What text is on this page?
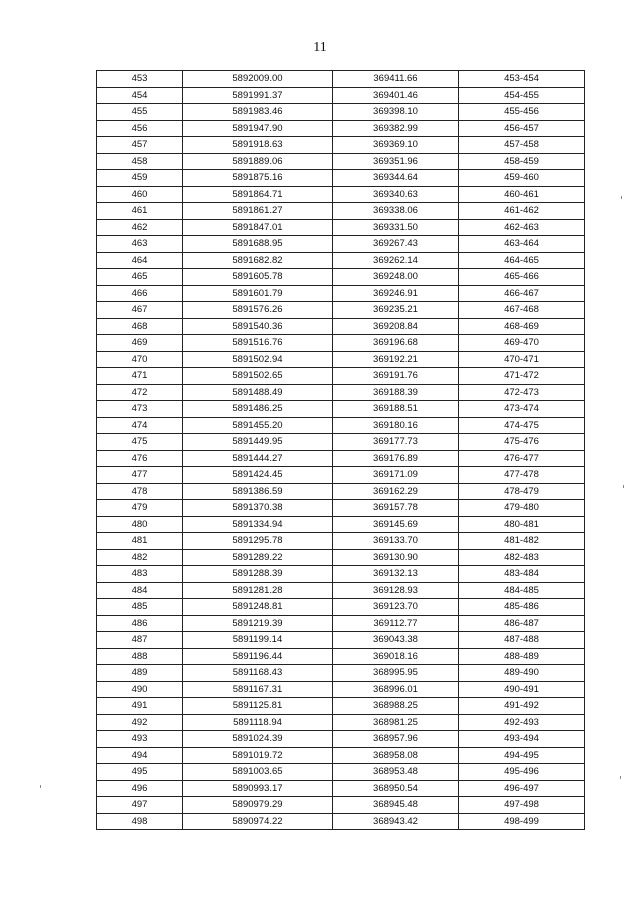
11
453	5892009.00	369411.66	453-454
454	5891991.37	369401.46	454-455
455	5891983.46	369398.10	455-456
456	5891947.90	369382.99	456-457
457	5891918.63	369369.10	457-458
458	5891889.06	369351.96	458-459
459	5891875.16	369344.64	459-460
460	5891864.71	369340.63	460-461
461	5891861.27	369338.06	461-462
462	5891847.01	369331.50	462-463
463	5891688.95	369267.43	463-464
464	5891682.82	369262.14	464-465
465	5891605.78	369248.00	465-466
466	5891601.79	369246.91	466-467
467	5891576.26	369235.21	467-468
468	5891540.36	369208.84	468-469
469	5891516.76	369196.68	469-470
470	5891502.94	369192.21	470-471
471	5891502.65	369191.76	471-472
472	5891488.49	369188.39	472-473
473	5891486.25	369188.51	473-474
474	5891455.20	369180.16	474-475
475	5891449.95	369177.73	475-476
476	5891444.27	369176.89	476-477
477	5891424.45	369171.09	477-478
478	5891386.59	369162.29	478-479
479	5891370.38	369157.78	479-480
480	5891334.94	369145.69	480-481
481	5891295.78	369133.70	481-482
482	5891289.22	369130.90	482-483
483	5891288.39	369132.13	483-484
484	5891281.28	369128.93	484-485
485	5891248.81	369123.70	485-486
486	5891219.39	369112.77	486-487
487	5891199.14	369043.38	487-488
488	5891196.44	369018.16	488-489
489	5891168.43	368995.95	489-490
490	5891167.31	368996.01	490-491
491	5891125.81	368988.25	491-492
492	5891118.94	368981.25	492-493
493	5891024.39	368957.96	493-494
494	5891019.72	368958.08	494-495
495	5891003.65	368953.48	495-496
496	5890993.17	368950.54	496-497
497	5890979.29	368945.48	497-498
498	5890974.22	368943.42	498-499
